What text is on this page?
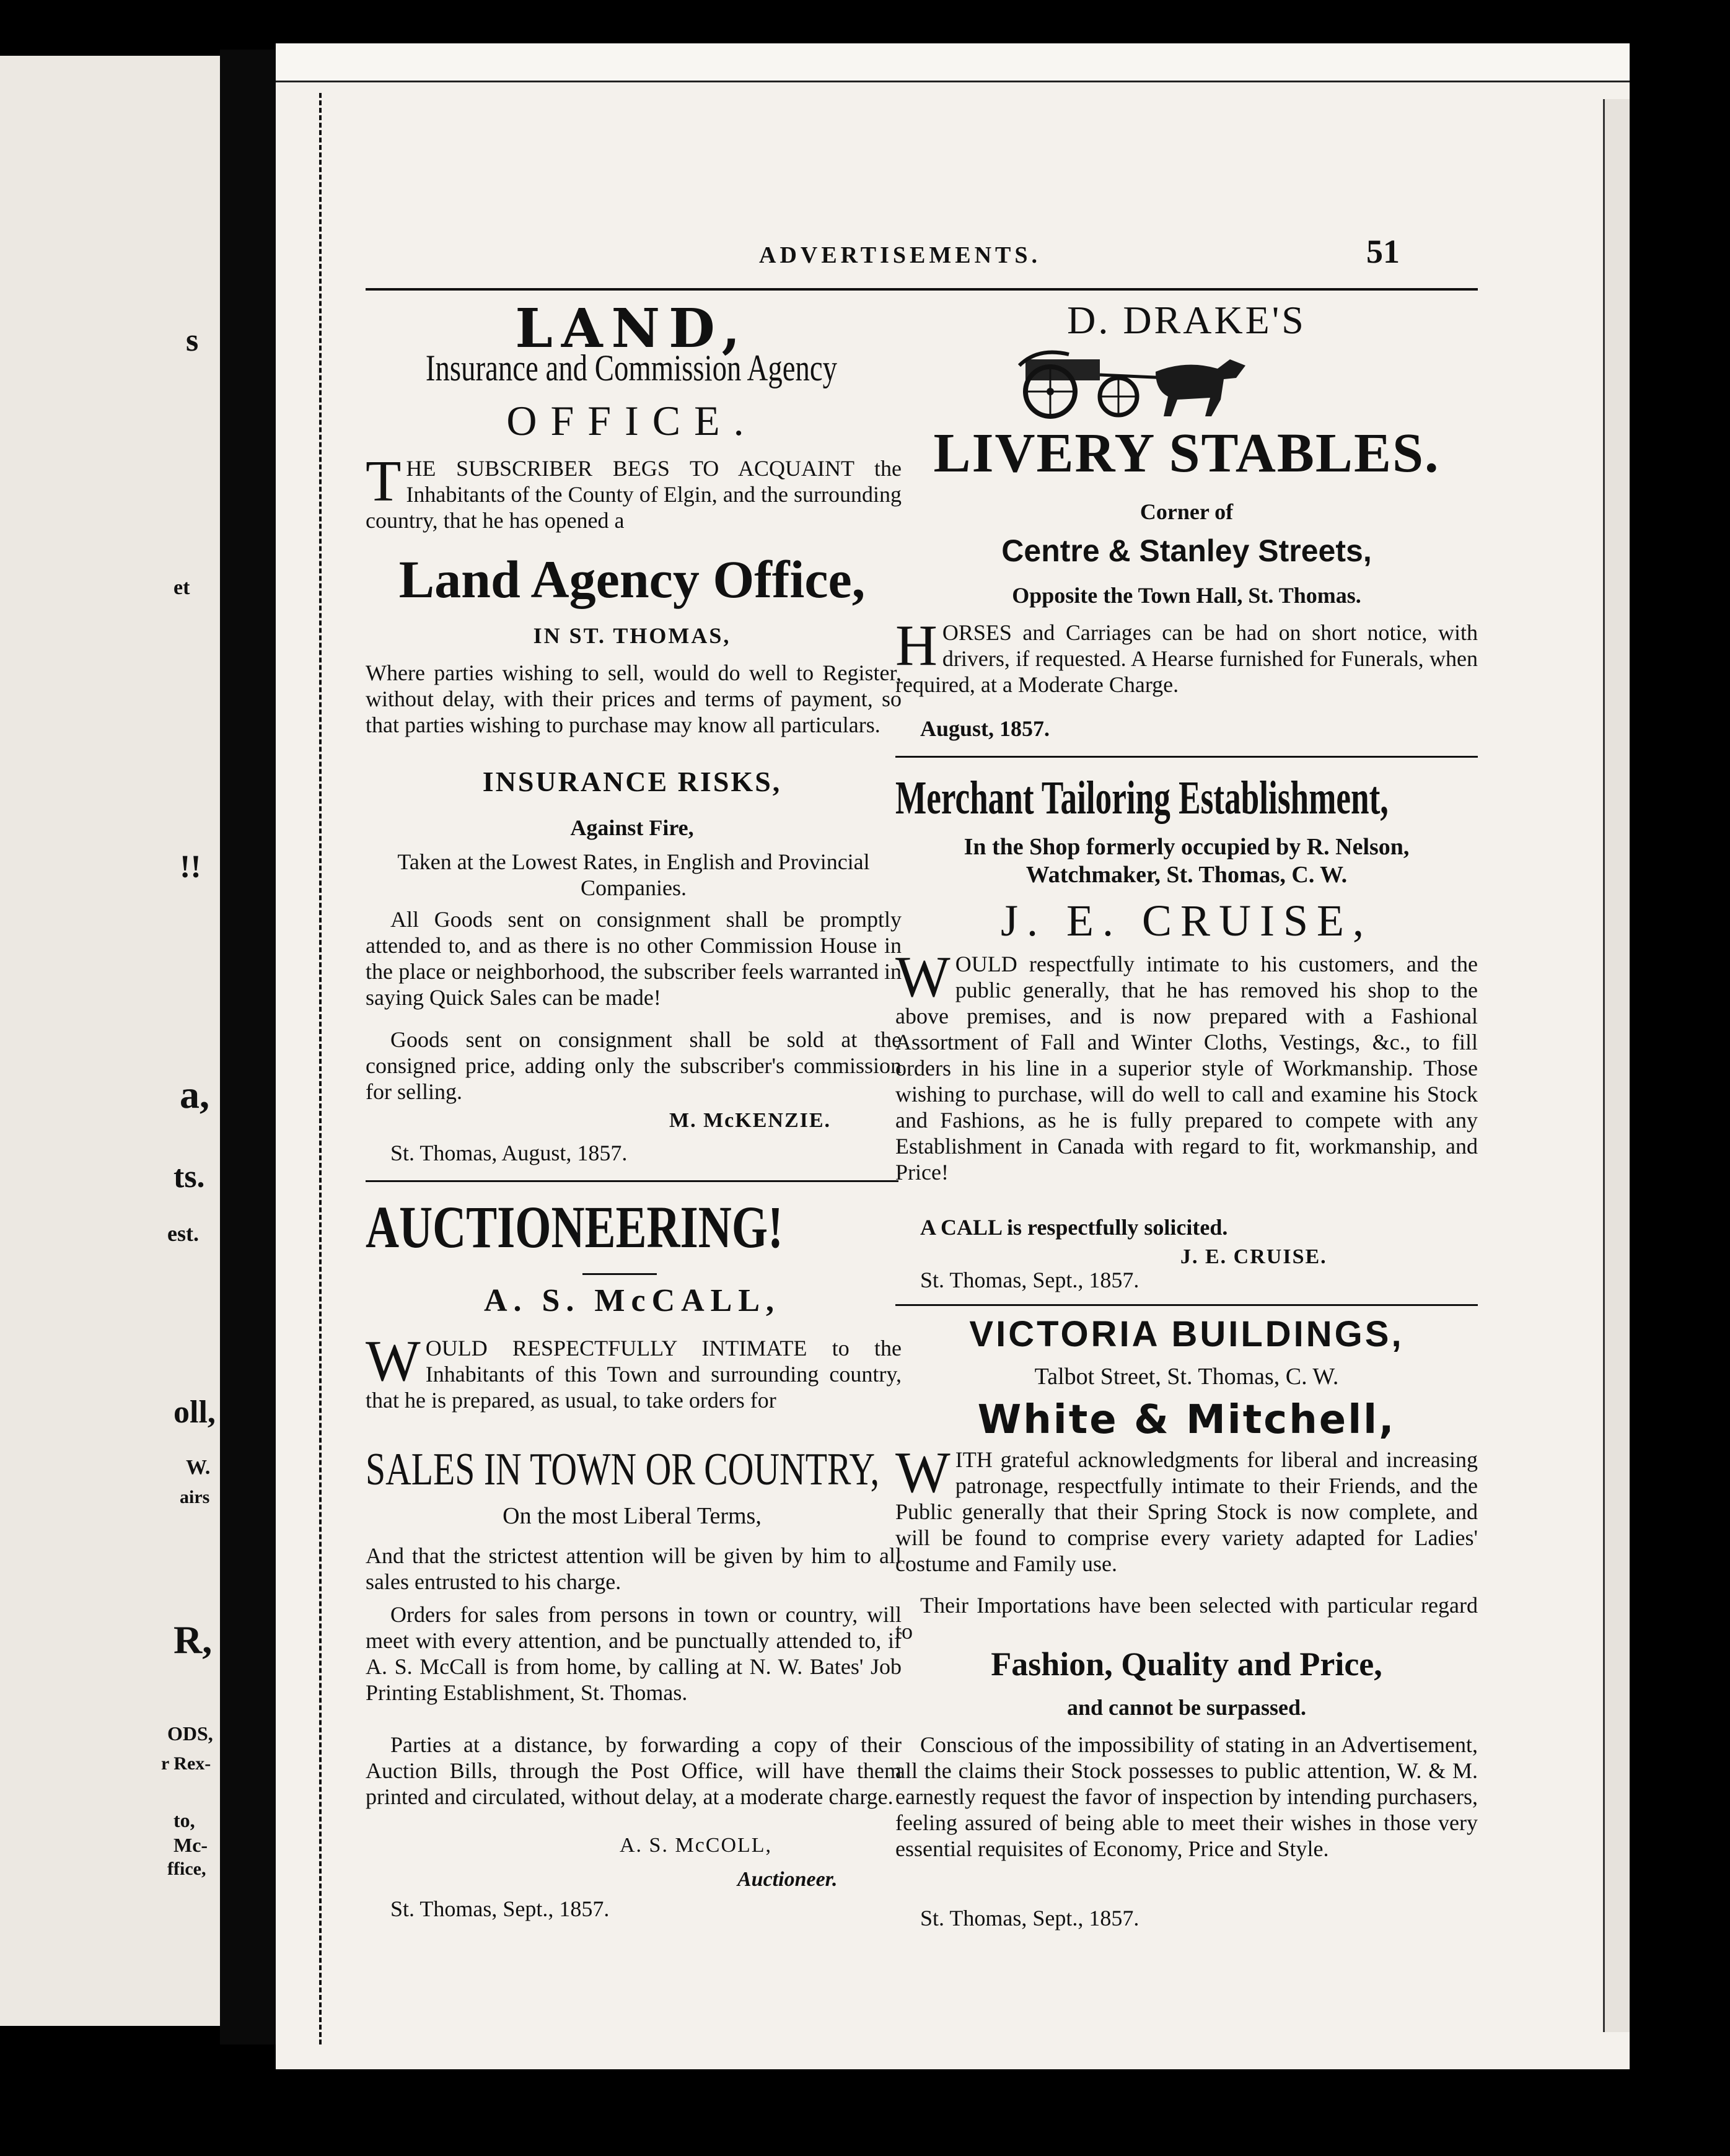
s
et
!!
a,
ts.
est.
oll,
W.
airs
R,
ODS,
r Rex-
to,
Mc-
ffice,
ADVERTISEMENTS.	51
LAND,
Insurance and Commission Agency
OFFICE.
THE SUBSCRIBER BEGS TO ACQUAINT the Inhabitants of the County of Elgin, and the surrounding country, that he has opened a
Land Agency Office,
IN ST. THOMAS,
Where parties wishing to sell, would do well to Register, without delay, with their prices and terms of payment, so that parties wishing to purchase may know all particulars.
INSURANCE RISKS,
Against Fire,
Taken at the Lowest Rates, in English and Provincial Companies.
All Goods sent on consignment shall be promptly attended to, and as there is no other Commission House in the place or neighborhood, the subscriber feels warranted in saying Quick Sales can be made!
Goods sent on consignment shall be sold at the consigned price, adding only the subscriber's commission for selling.
M. McKENZIE.
St. Thomas, August, 1857.
AUCTIONEERING!
A. S. McCALL,
WOULD RESPECTFULLY INTIMATE to the Inhabitants of this Town and surrounding country, that he is prepared, as usual, to take orders for
SALES IN TOWN OR COUNTRY,
On the most Liberal Terms,
And that the strictest attention will be given by him to all sales entrusted to his charge.
Orders for sales from persons in town or country, will meet with every attention, and be punctually attended to, if A. S. McCall is from home, by calling at N. W. Bates' Job Printing Establishment, St. Thomas.
Parties at a distance, by forwarding a copy of their Auction Bills, through the Post Office, will have them printed and circulated, without delay, at a moderate charge.
A. S. McCOLL,
Auctioneer.
St. Thomas, Sept., 1857.
D. DRAKE'S
LIVERY STABLES.
Corner of
Centre & Stanley Streets,
Opposite the Town Hall, St. Thomas.
HORSES and Carriages can be had on short notice, with drivers, if requested. A Hearse furnished for Funerals, when required, at a Moderate Charge.
August, 1857.
Merchant Tailoring Establishment,
In the Shop formerly occupied by R. Nelson,
Watchmaker, St. Thomas, C. W.
J. E. CRUISE,
WOULD respectfully intimate to his customers, and the public generally, that he has removed his shop to the above premises, and is now prepared with a Fashional Assortment of Fall and Winter Cloths, Vestings, &c., to fill orders in his line in a superior style of Workmanship. Those wishing to purchase, will do well to call and examine his Stock and Fashions, as he is fully prepared to compete with any Establishment in Canada with regard to fit, workmanship, and Price!
A CALL is respectfully solicited.
J. E. CRUISE.
St. Thomas, Sept., 1857.
VICTORIA BUILDINGS,
Talbot Street, St. Thomas, C. W.
White & Mitchell,
WITH grateful acknowledgments for liberal and increasing patronage, respectfully intimate to their Friends, and the Public generally that their Spring Stock is now complete, and will be found to comprise every variety adapted for Ladies' costume and Family use.
Their Importations have been selected with particular regard to
Fashion, Quality and Price,
and cannot be surpassed.
Conscious of the impossibility of stating in an Advertisement, all the claims their Stock possesses to public attention, W. & M. earnestly request the favor of inspection by intending purchasers, feeling assured of being able to meet their wishes in those very essential requisites of Economy, Price and Style.
St. Thomas, Sept., 1857.
